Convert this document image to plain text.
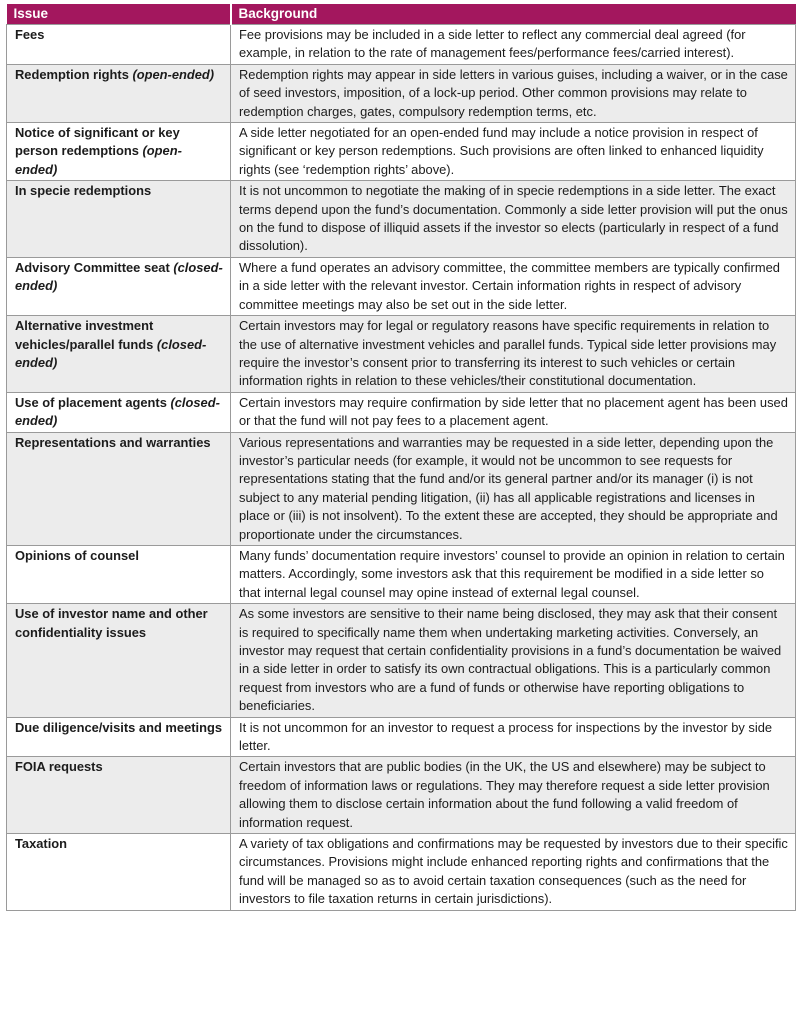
Issue	Background
Fees	Fee provisions may be included in a side letter to reflect any commercial deal agreed (for example, in relation to the rate of management fees/performance fees/carried interest).
Redemption rights (open-ended)	Redemption rights may appear in side letters in various guises, including a waiver, or in the case of seed investors, imposition, of a lock-up period. Other common provisions may relate to redemption charges, gates, compulsory redemption terms, etc.
Notice of significant or key person redemptions (open-ended)	A side letter negotiated for an open-ended fund may include a notice provision in respect of significant or key person redemptions. Such provisions are often linked to enhanced liquidity rights (see ‘redemption rights’ above).
In specie redemptions	It is not uncommon to negotiate the making of in specie redemptions in a side letter. The exact terms depend upon the fund’s documentation. Commonly a side letter provision will put the onus on the fund to dispose of illiquid assets if the investor so elects (particularly in respect of a fund dissolution).
Advisory Committee seat (closed-ended)	Where a fund operates an advisory committee, the committee members are typically confirmed in a side letter with the relevant investor. Certain information rights in respect of advisory committee meetings may also be set out in the side letter.
Alternative investment vehicles/parallel funds (closed-ended)	Certain investors may for legal or regulatory reasons have specific requirements in relation to the use of alternative investment vehicles and parallel funds. Typical side letter provisions may require the investor’s consent prior to transferring its interest to such vehicles or certain information rights in relation to these vehicles/their constitutional documentation.
Use of placement agents (closed-ended)	Certain investors may require confirmation by side letter that no placement agent has been used or that the fund will not pay fees to a placement agent.
Representations and warranties	Various representations and warranties may be requested in a side letter, depending upon the investor’s particular needs (for example, it would not be uncommon to see requests for representations stating that the fund and/or its general partner and/or its manager (i) is not subject to any material pending litigation, (ii) has all applicable registrations and licenses in place or (iii) is not insolvent). To the extent these are accepted, they should be appropriate and proportionate under the circumstances.
Opinions of counsel	Many funds’ documentation require investors’ counsel to provide an opinion in relation to certain matters. Accordingly, some investors ask that this requirement be modified in a side letter so that internal legal counsel may opine instead of external legal counsel.
Use of investor name and other confidentiality issues	As some investors are sensitive to their name being disclosed, they may ask that their consent is required to specifically name them when undertaking marketing activities. Conversely, an investor may request that certain confidentiality provisions in a fund’s documentation be waived in a side letter in order to satisfy its own contractual obligations. This is a particularly common request from investors who are a fund of funds or otherwise have reporting obligations to beneficiaries.
Due diligence/visits and meetings	It is not uncommon for an investor to request a process for inspections by the investor by side letter.
FOIA requests	Certain investors that are public bodies (in the UK, the US and elsewhere) may be subject to freedom of information laws or regulations. They may therefore request a side letter provision allowing them to disclose certain information about the fund following a valid freedom of information request.
Taxation	A variety of tax obligations and confirmations may be requested by investors due to their specific circumstances. Provisions might include enhanced reporting rights and confirmations that the fund will be managed so as to avoid certain taxation consequences (such as the need for investors to file taxation returns in certain jurisdictions).
